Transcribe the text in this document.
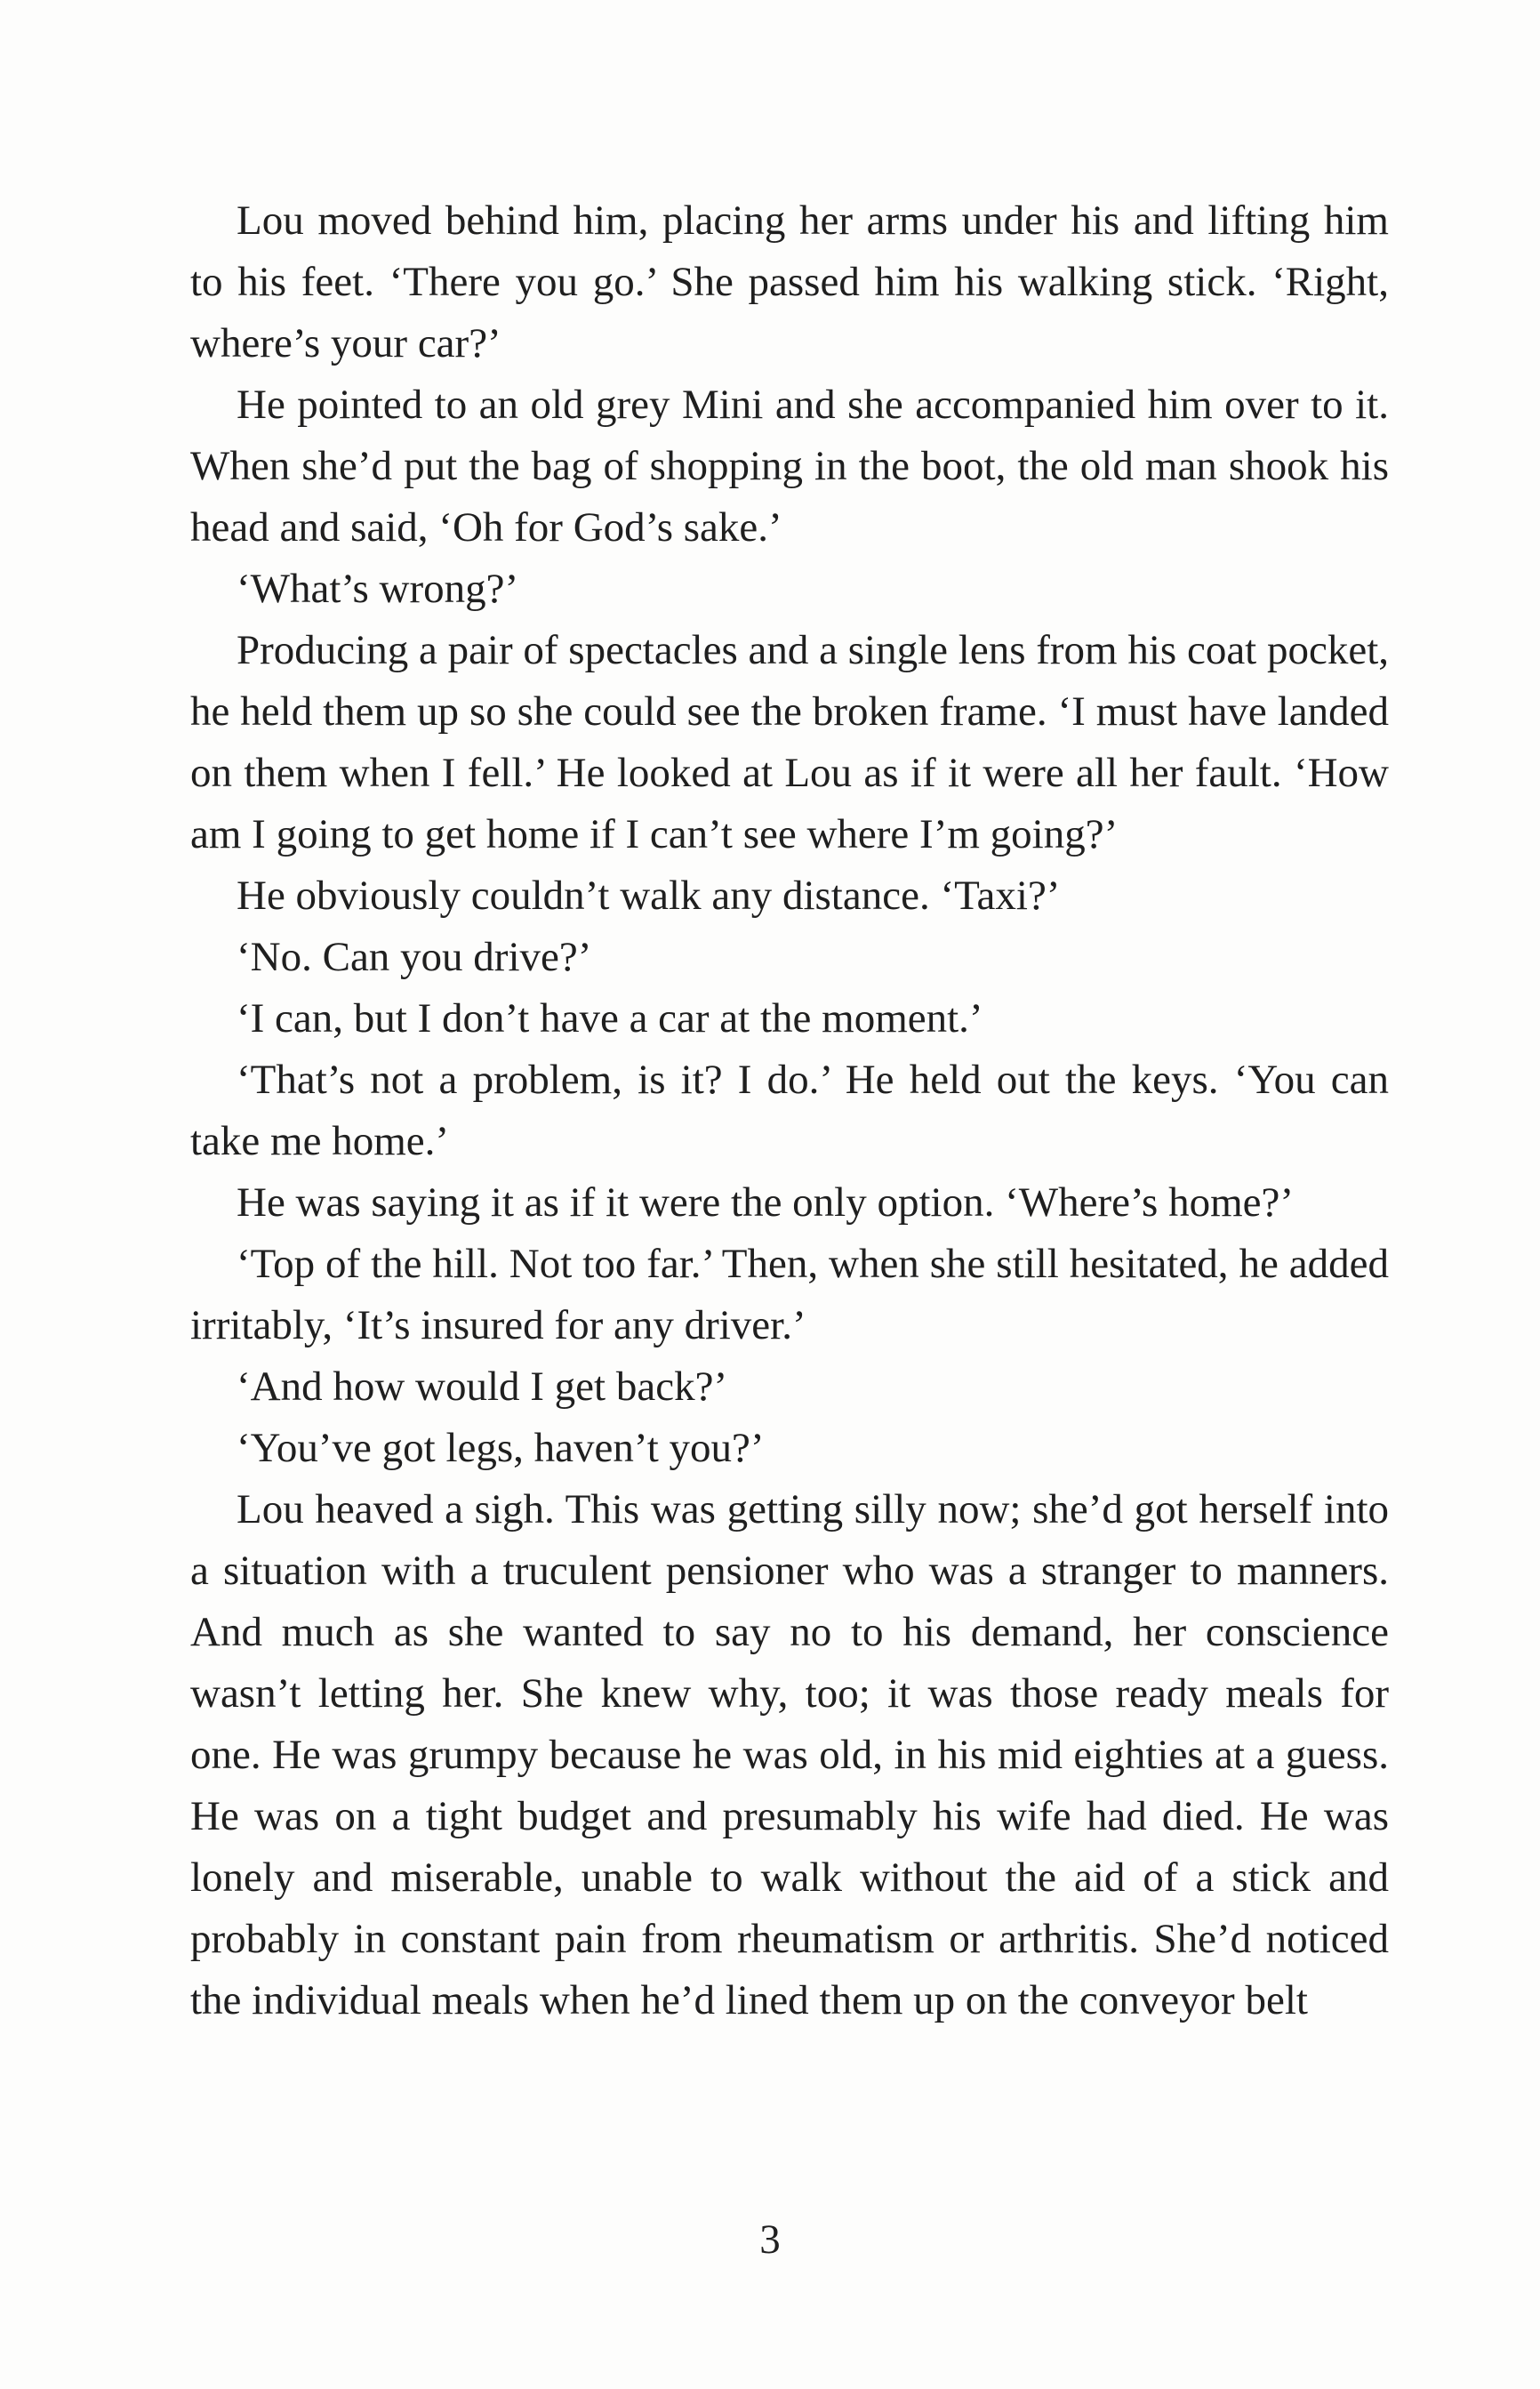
Lou moved behind him, placing her arms under his and lifting him to his feet. ‘There you go.’ She passed him his walking stick. ‘Right, where’s your car?’

He pointed to an old grey Mini and she accompanied him over to it. When she’d put the bag of shopping in the boot, the old man shook his head and said, ‘Oh for God’s sake.’

‘What’s wrong?’

Producing a pair of spectacles and a single lens from his coat pocket, he held them up so she could see the broken frame. ‘I must have landed on them when I fell.’ He looked at Lou as if it were all her fault. ‘How am I going to get home if I can’t see where I’m going?’

He obviously couldn’t walk any distance. ‘Taxi?’

‘No. Can you drive?’

‘I can, but I don’t have a car at the moment.’

‘That’s not a problem, is it? I do.’ He held out the keys. ‘You can take me home.’

He was saying it as if it were the only option. ‘Where’s home?’

‘Top of the hill. Not too far.’ Then, when she still hesitated, he added irritably, ‘It’s insured for any driver.’

‘And how would I get back?’

‘You’ve got legs, haven’t you?’

Lou heaved a sigh. This was getting silly now; she’d got herself into a situation with a truculent pensioner who was a stranger to manners. And much as she wanted to say no to his demand, her conscience wasn’t letting her. She knew why, too; it was those ready meals for one. He was grumpy because he was old, in his mid eighties at a guess. He was on a tight budget and presumably his wife had died. He was lonely and miserable, unable to walk without the aid of a stick and probably in constant pain from rheumatism or arthritis. She’d noticed the individual meals when he’d lined them up on the conveyor belt

3
